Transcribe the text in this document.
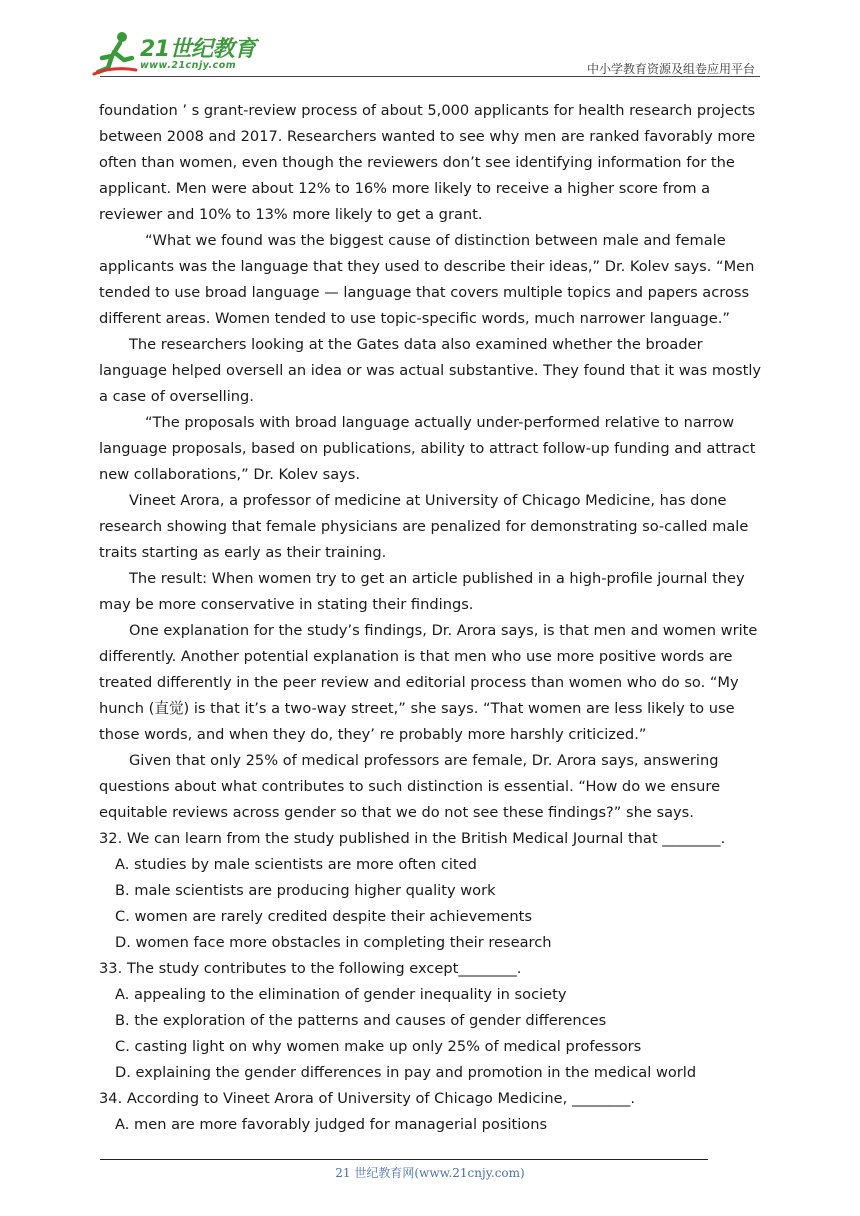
21世纪教育
www.21cnjy.com	中小学教育资源及组卷应用平台

foundation ’ s grant-review process of about 5,000 applicants for health research projects between 2008 and 2017. Researchers wanted to see why men are ranked favorably more often than women, even though the reviewers don’t see identifying information for the applicant. Men were about 12% to 16% more likely to receive a higher score from a reviewer and 10% to 13% more likely to get a grant.

“What we found was the biggest cause of distinction between male and female applicants was the language that they used to describe their ideas,” Dr. Kolev says. “Men tended to use broad language — language that covers multiple topics and papers across different areas. Women tended to use topic-specific words, much narrower language.”

The researchers looking at the Gates data also examined whether the broader language helped oversell an idea or was actual substantive. They found that it was mostly a case of overselling.

“The proposals with broad language actually under-performed relative to narrow language proposals, based on publications, ability to attract follow-up funding and attract new collaborations,” Dr. Kolev says.

Vineet Arora, a professor of medicine at University of Chicago Medicine, has done research showing that female physicians are penalized for demonstrating so-called male traits starting as early as their training.

The result: When women try to get an article published in a high-profile journal they may be more conservative in stating their findings.

One explanation for the study’s findings, Dr. Arora says, is that men and women write differently. Another potential explanation is that men who use more positive words are treated differently in the peer review and editorial process than women who do so. “My hunch (直觉) is that it’s a two-way street,” she says. “That women are less likely to use those words, and when they do, they’ re probably more harshly criticized.”

Given that only 25% of medical professors are female, Dr. Arora says, answering questions about what contributes to such distinction is essential. “How do we ensure equitable reviews across gender so that we do not see these findings?” she says.

32. We can learn from the study published in the British Medical Journal that ________.

A. studies by male scientists are more often cited

B. male scientists are producing higher quality work

C. women are rarely credited despite their achievements

D. women face more obstacles in completing their research

33. The study contributes to the following except________.

A. appealing to the elimination of gender inequality in society

B. the exploration of the patterns and causes of gender differences

C. casting light on why women make up only 25% of medical professors

D. explaining the gender differences in pay and promotion in the medical world

34. According to Vineet Arora of University of Chicago Medicine, ________.

A. men are more favorably judged for managerial positions

21 世纪教育网(www.21cnjy.com)
